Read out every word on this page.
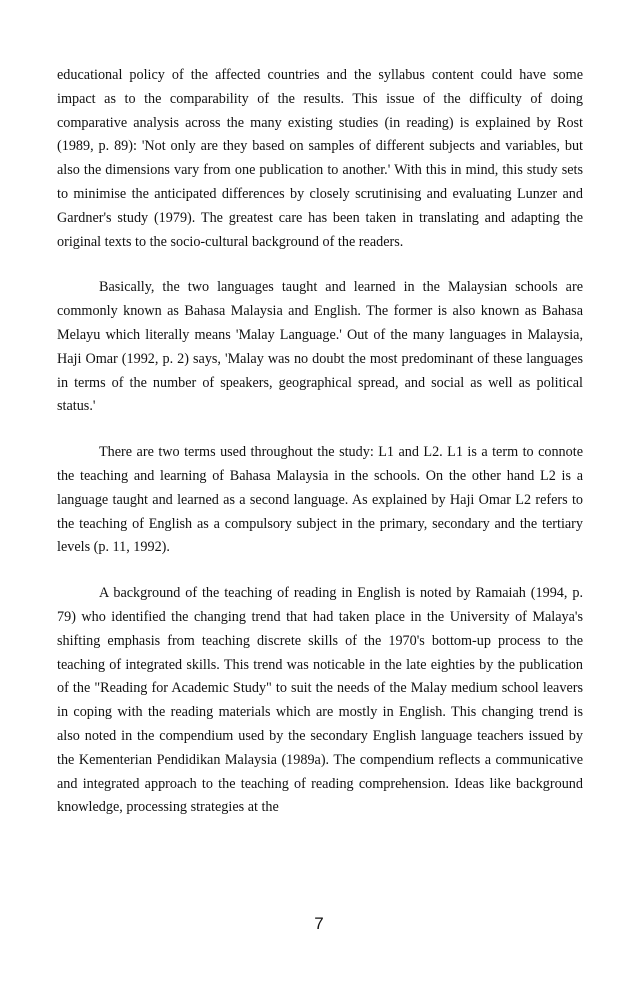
educational policy of the affected countries and the syllabus content could have some impact as to the comparability of the results. This issue of the difficulty of doing comparative analysis across the many existing studies (in reading) is explained by Rost (1989, p. 89): 'Not only are they based on samples of different subjects and variables, but also the dimensions vary from one publication to another.' With this in mind, this study sets to minimise the anticipated differences by closely scrutinising and evaluating Lunzer and Gardner's study (1979). The greatest care has been taken in translating and adapting the original texts to the socio-cultural background of the readers.

Basically, the two languages taught and learned in the Malaysian schools are commonly known as Bahasa Malaysia and English. The former is also known as Bahasa Melayu which literally means 'Malay Language.' Out of the many languages in Malaysia, Haji Omar (1992, p. 2) says, 'Malay was no doubt the most predominant of these languages in terms of the number of speakers, geographical spread, and social as well as political status.'

There are two terms used throughout the study: L1 and L2. L1 is a term to connote the teaching and learning of Bahasa Malaysia in the schools. On the other hand L2 is a language taught and learned as a second language. As explained by Haji Omar L2 refers to the teaching of English as a compulsory subject in the primary, secondary and the tertiary levels (p. 11, 1992).

A background of the teaching of reading in English is noted by Ramaiah (1994, p. 79) who identified the changing trend that had taken place in the University of Malaya's shifting emphasis from teaching discrete skills of the 1970's bottom-up process to the teaching of integrated skills. This trend was noticable in the late eighties by the publication of the "Reading for Academic Study" to suit the needs of the Malay medium school leavers in coping with the reading materials which are mostly in English. This changing trend is also noted in the compendium used by the secondary English language teachers issued by the Kementerian Pendidikan Malaysia (1989a). The compendium reflects a communicative and integrated approach to the teaching of reading comprehension. Ideas like background knowledge, processing strategies at the

7
